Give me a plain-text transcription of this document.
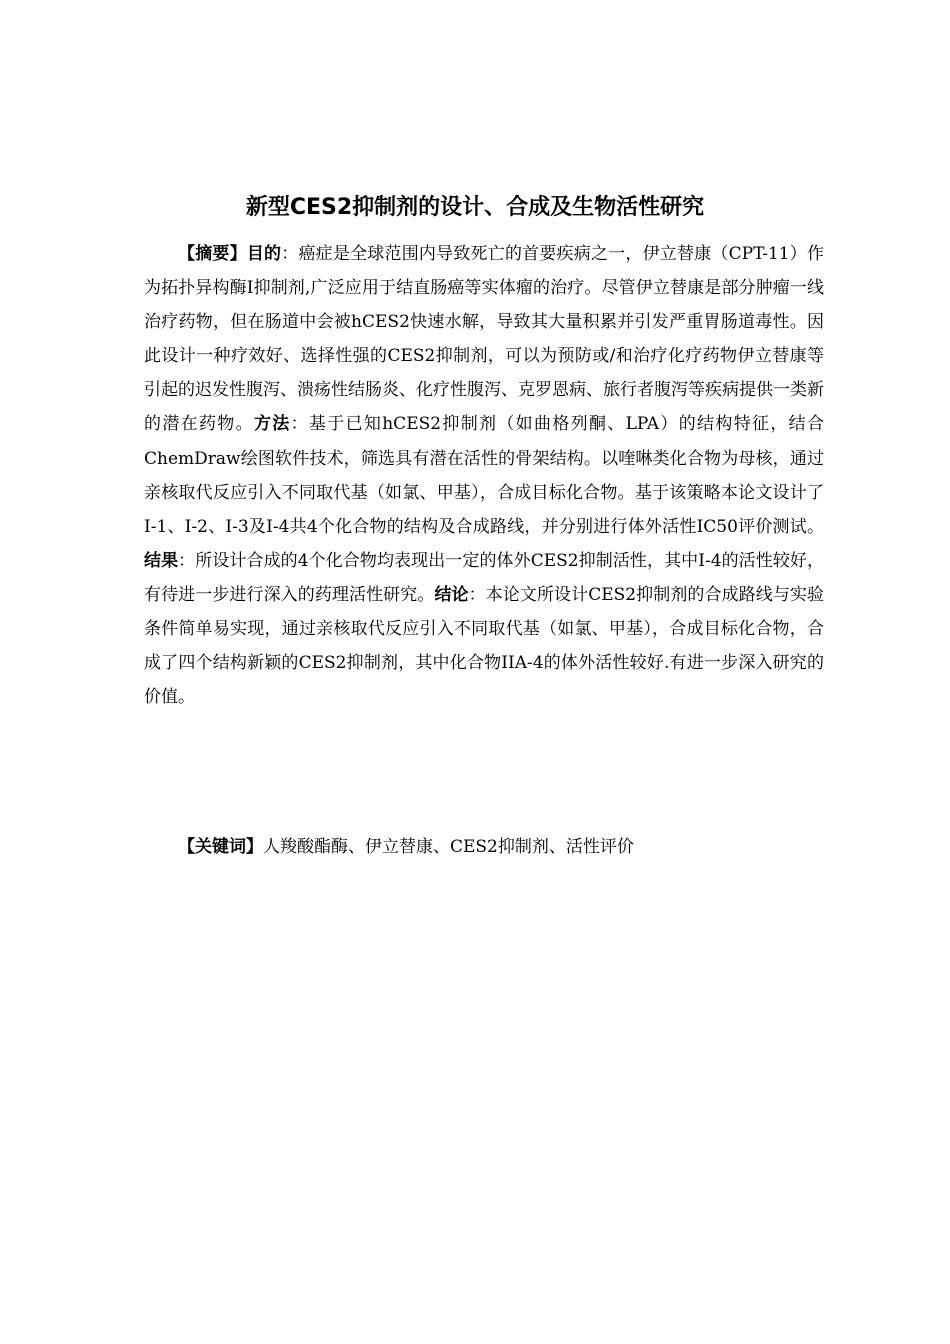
新型CES2抑制剂的设计、合成及生物活性研究

【摘要】目的：癌症是全球范围内导致死亡的首要疾病之一，伊立替康（CPT-11）作为拓扑异构酶I抑制剂,广泛应用于结直肠癌等实体瘤的治疗。尽管伊立替康是部分肿瘤一线治疗药物，但在肠道中会被hCES2快速水解，导致其大量积累并引发严重胃肠道毒性。因此设计一种疗效好、选择性强的CES2抑制剂，可以为预防或/和治疗化疗药物伊立替康等引起的迟发性腹泻、溃疡性结肠炎、化疗性腹泻、克罗恩病、旅行者腹泻等疾病提供一类新的潜在药物。方法：基于已知hCES2抑制剂（如曲格列酮、LPA）的结构特征，结合ChemDraw绘图软件技术，筛选具有潜在活性的骨架结构。以喹啉类化合物为母核，通过亲核取代反应引入不同取代基（如氯、甲基），合成目标化合物。基于该策略本论文设计了I-1、I-2、I-3及I-4共4个化合物的结构及合成路线，并分别进行体外活性IC50评价测试。结果：所设计合成的4个化合物均表现出一定的体外CES2抑制活性，其中I-4的活性较好，有待进一步进行深入的药理活性研究。结论：本论文所设计CES2抑制剂的合成路线与实验条件简单易实现，通过亲核取代反应引入不同取代基（如氯、甲基），合成目标化合物，合成了四个结构新颖的CES2抑制剂，其中化合物IIA-4的体外活性较好.有进一步深入研究的价值。

【关键词】人羧酸酯酶、伊立替康、CES2抑制剂、活性评价
